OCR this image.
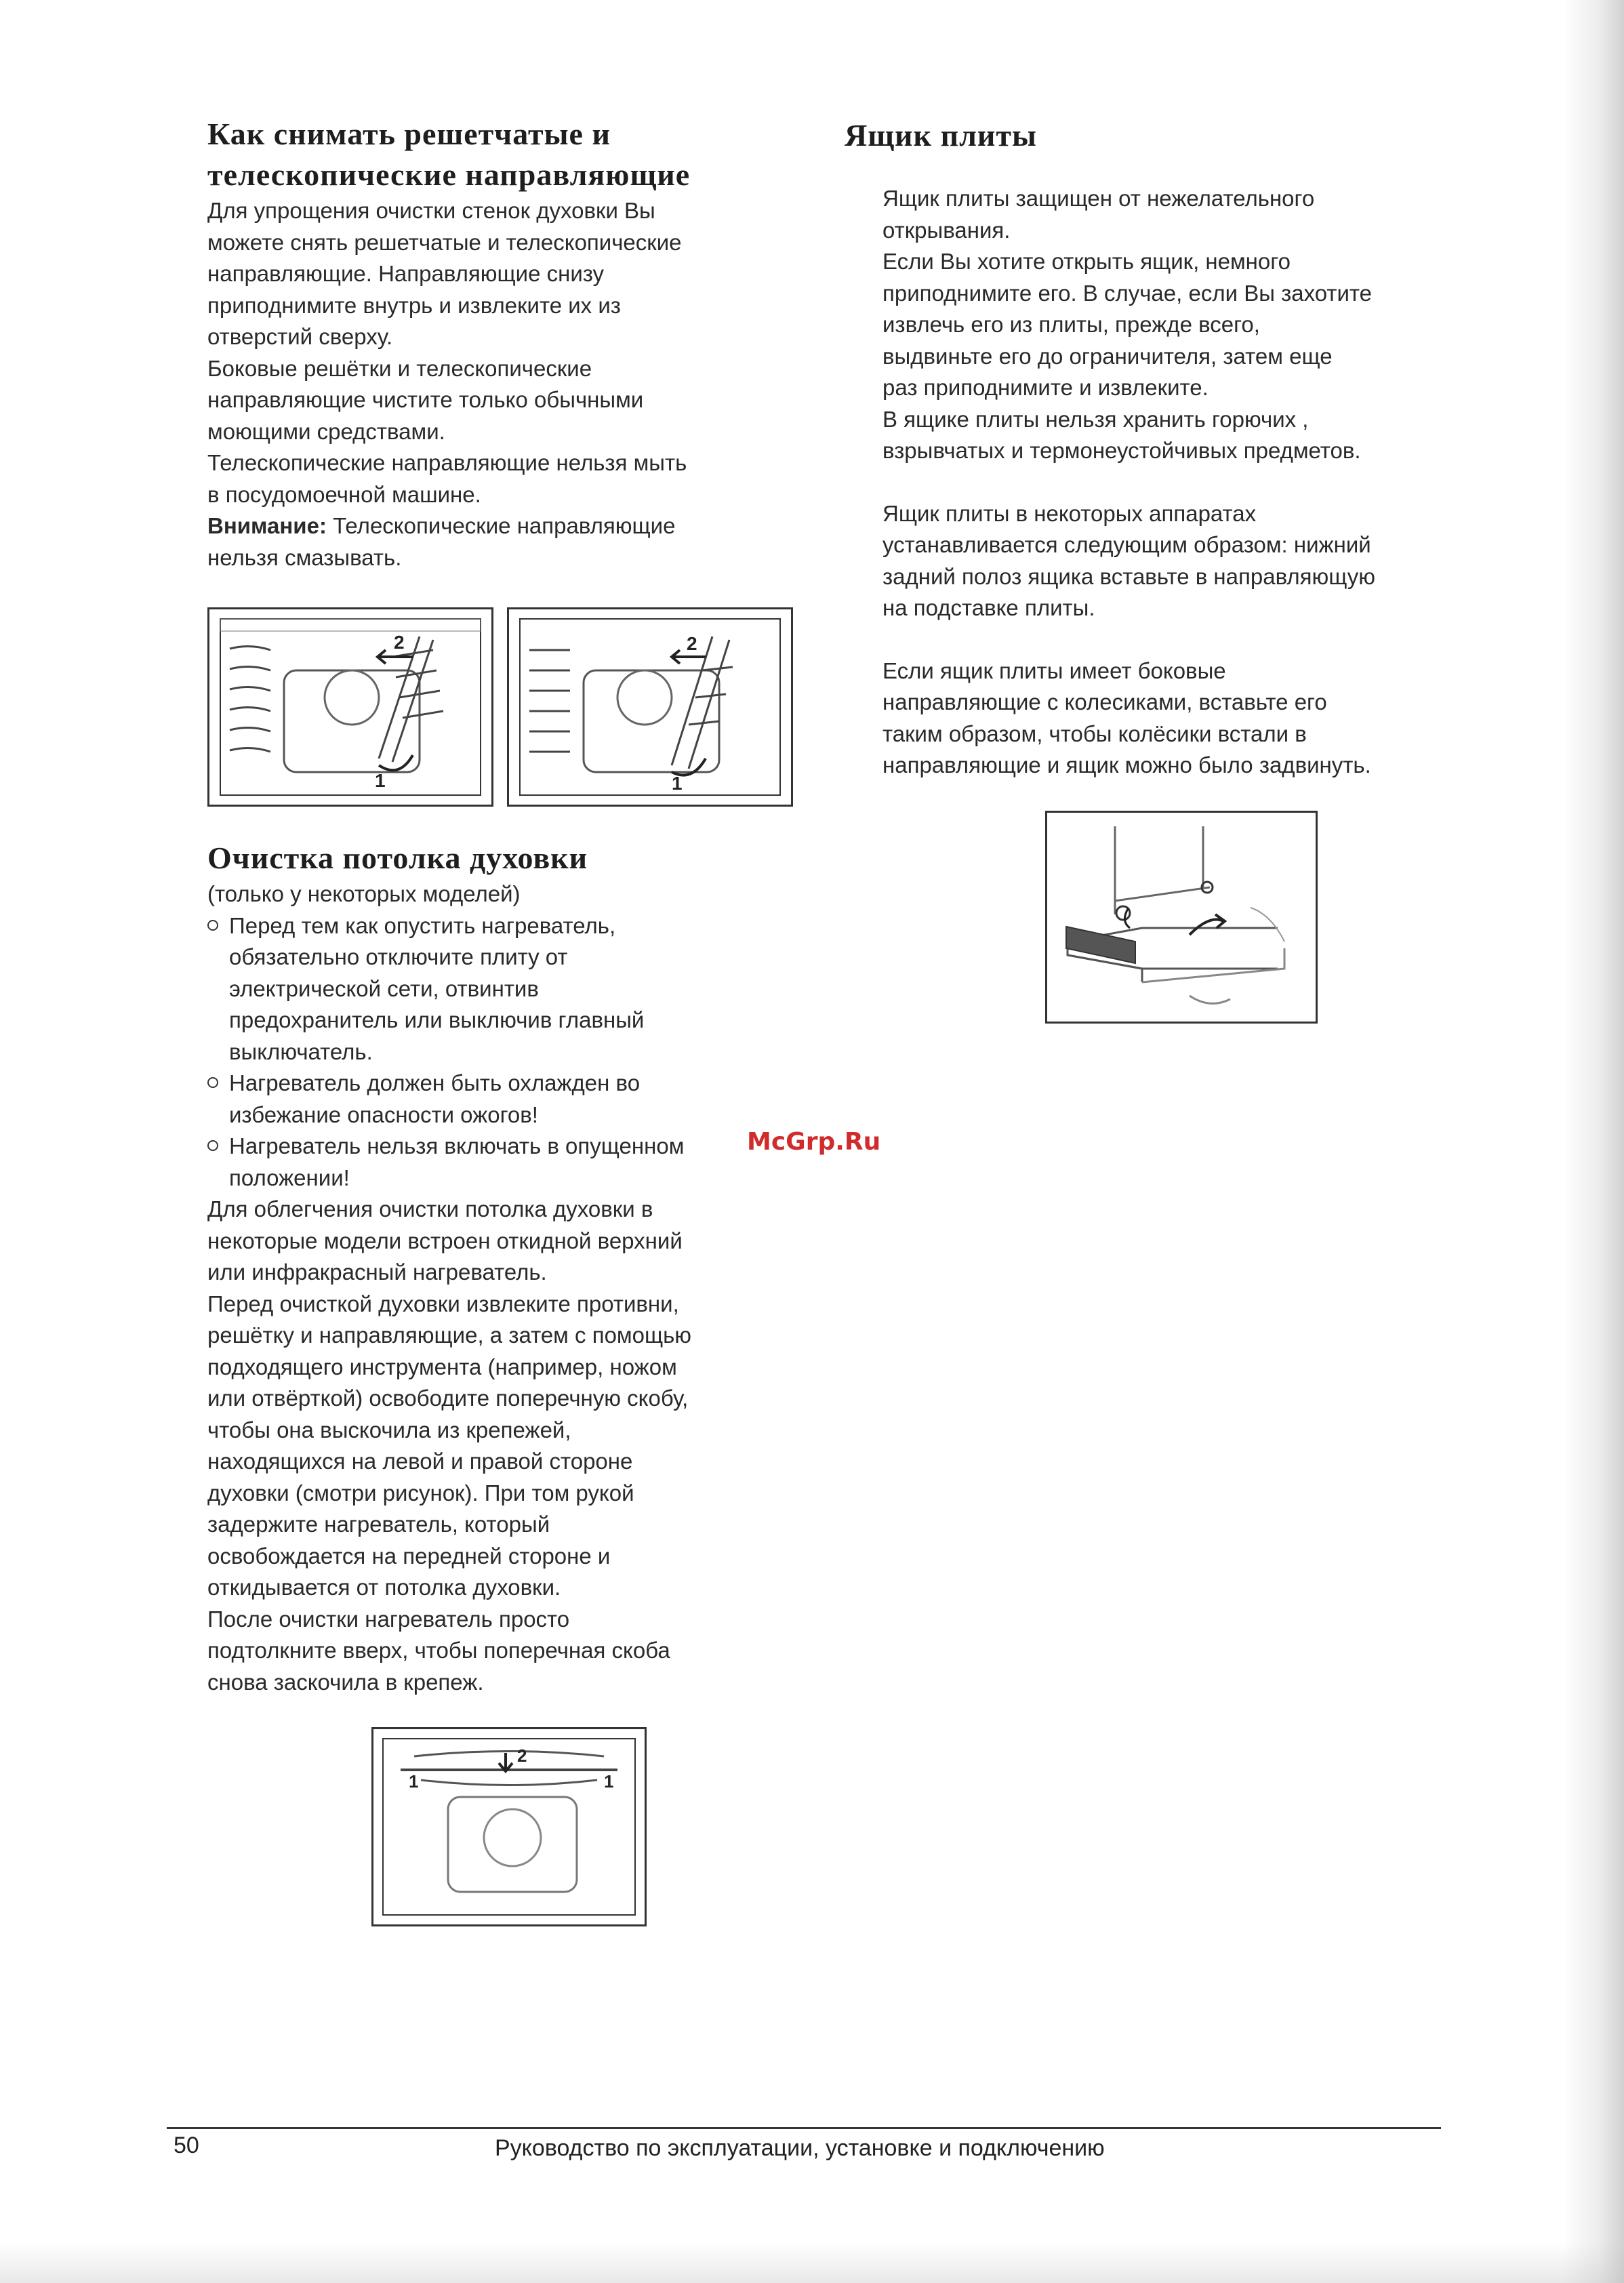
Как снимать решетчатые и
телескопические направляющие

Для упрощения очистки стенок духовки Вы

можете снять решетчатые и телескопические

направляющие. Направляющие снизу

приподнимите внутрь и извлеките их из

отверстий сверху.

Боковые решётки и телескопические

направляющие чистите только обычными

моющими средствами.

Телескопические направляющие нельзя мыть

в посудомоечной машине.

Внимание: Телескопические направляющие

нельзя смазывать.

2
1
2
1
Очистка потолка духовки

(только у некоторых моделей)

Перед тем как опустить нагреватель,
обязательно отключите плиту от
электрической сети, отвинтив
предохранитель или выключив главный
выключатель.
Нагреватель должен быть охлажден во
избежание опасности ожогов!
Нагреватель нельзя включать в опущенном
положении!

Для облегчения очистки потолка духовки в

некоторые модели встроен откидной верхний

или инфракрасный нагреватель.

Перед очисткой духовки извлеките противни,

решётку и направляющие, а затем с помощью

подходящего инструмента (например, ножом

или отвёрткой) освободите поперечную скобу,

чтобы она выскочила из крепежей,

находящихся на левой и правой стороне

духовки (смотри рисунок). При том рукой

задержите нагреватель, который

освобождается на передней стороне и

откидывается от потолка духовки.

После очистки нагреватель просто

подтолкните вверх, чтобы поперечная скоба

снова заскочила в крепеж.

2
1	1
Ящик плиты

Ящик плиты защищен от нежелательного

открывания.

Если Вы хотите открыть ящик, немного

приподнимите его. В случае, если Вы захотите

извлечь его из плиты, прежде всего,

выдвиньте его до ограничителя, затем еще

раз приподнимите и извлеките.

В ящике плиты нельзя хранить горючих ,

взрывчатых и термонеустойчивых предметов.

Ящик плиты в некоторых аппаратах

устанавливается следующим образом: нижний

задний полоз ящика вставьте в направляющую

на подставке плиты.

Если ящик плиты имеет боковые

направляющие с колесиками, вставьте его

таким образом, чтобы колёсики встали в

направляющие и ящик можно было задвинуть.

McGrp.Ru
50	Руководство по эксплуатации, установке и подключению
